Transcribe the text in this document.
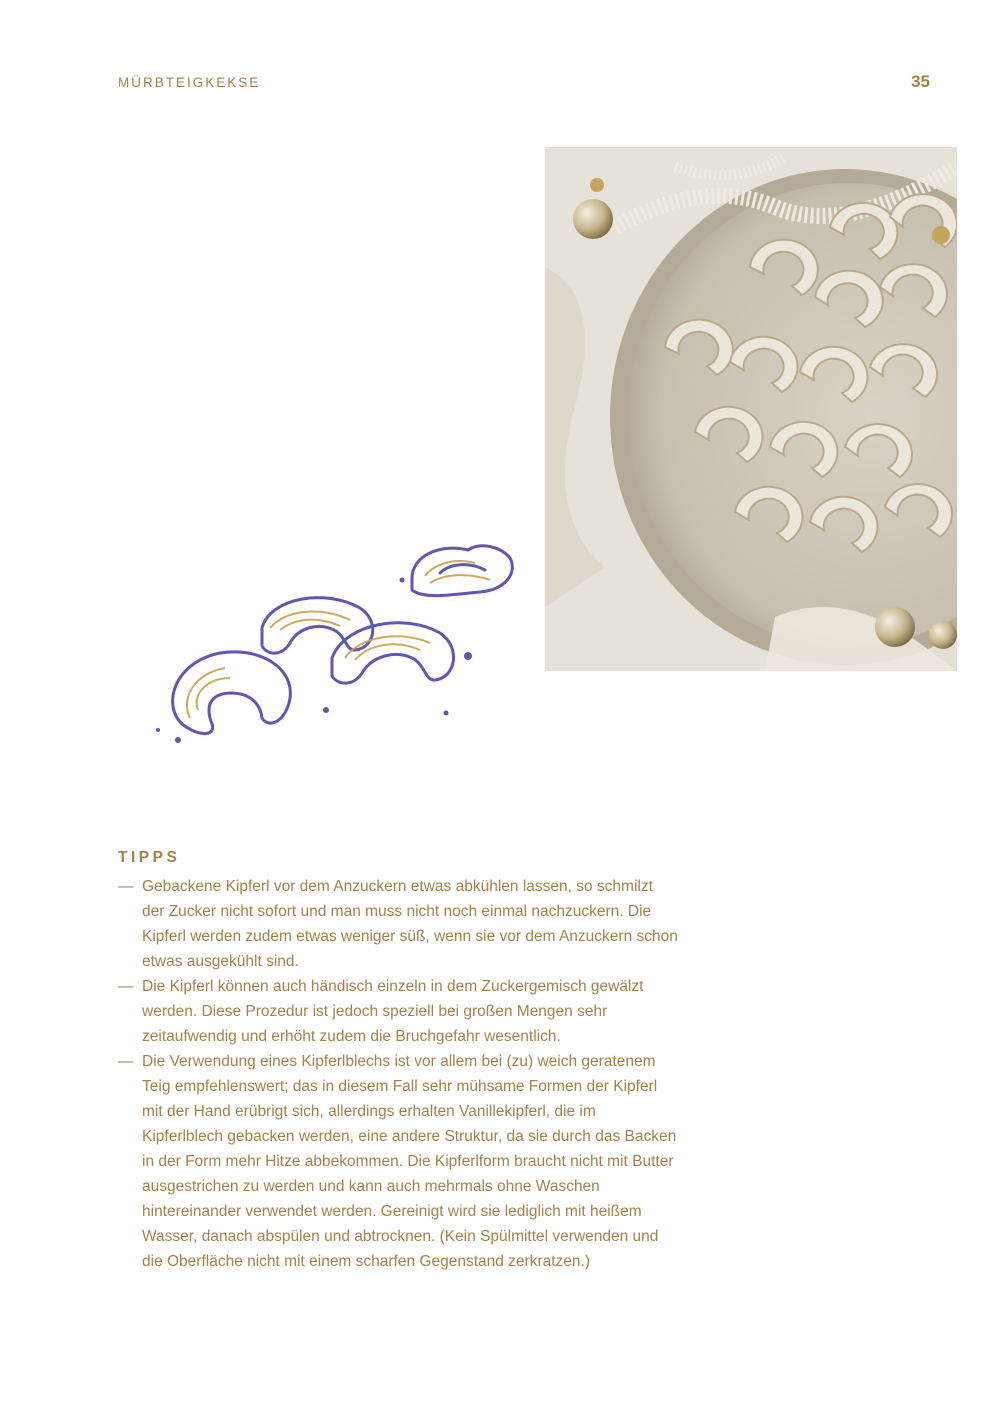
MÜRBTEIGKEKSE	35
TIPPS
— Gebackene Kipferl vor dem Anzuckern etwas abkühlen lassen, so schmilzt der Zucker nicht sofort und man muss nicht noch einmal nachzuckern. Die Kipferl werden zudem etwas weniger süß, wenn sie vor dem Anzuckern schon etwas ausgekühlt sind.
— Die Kipferl können auch händisch einzeln in dem Zuckergemisch gewälzt werden. Diese Prozedur ist jedoch speziell bei großen Mengen sehr zeitaufwendig und erhöht zudem die Bruchgefahr wesentlich.
— Die Verwendung eines Kipferlblechs ist vor allem bei (zu) weich geratenem Teig empfehlenswert; das in diesem Fall sehr mühsame Formen der Kipferl mit der Hand erübrigt sich, allerdings erhalten Vanillekipferl, die im Kipferlblech gebacken werden, eine andere Struktur, da sie durch das Backen in der Form mehr Hitze abbekommen. Die Kipferlform braucht nicht mit Butter ausgestrichen zu werden und kann auch mehrmals ohne Waschen hintereinander verwendet werden. Gereinigt wird sie lediglich mit heißem Wasser, danach abspülen und abtrocknen. (Kein Spülmittel verwenden und die Oberfläche nicht mit einem scharfen Gegenstand zerkratzen.)
